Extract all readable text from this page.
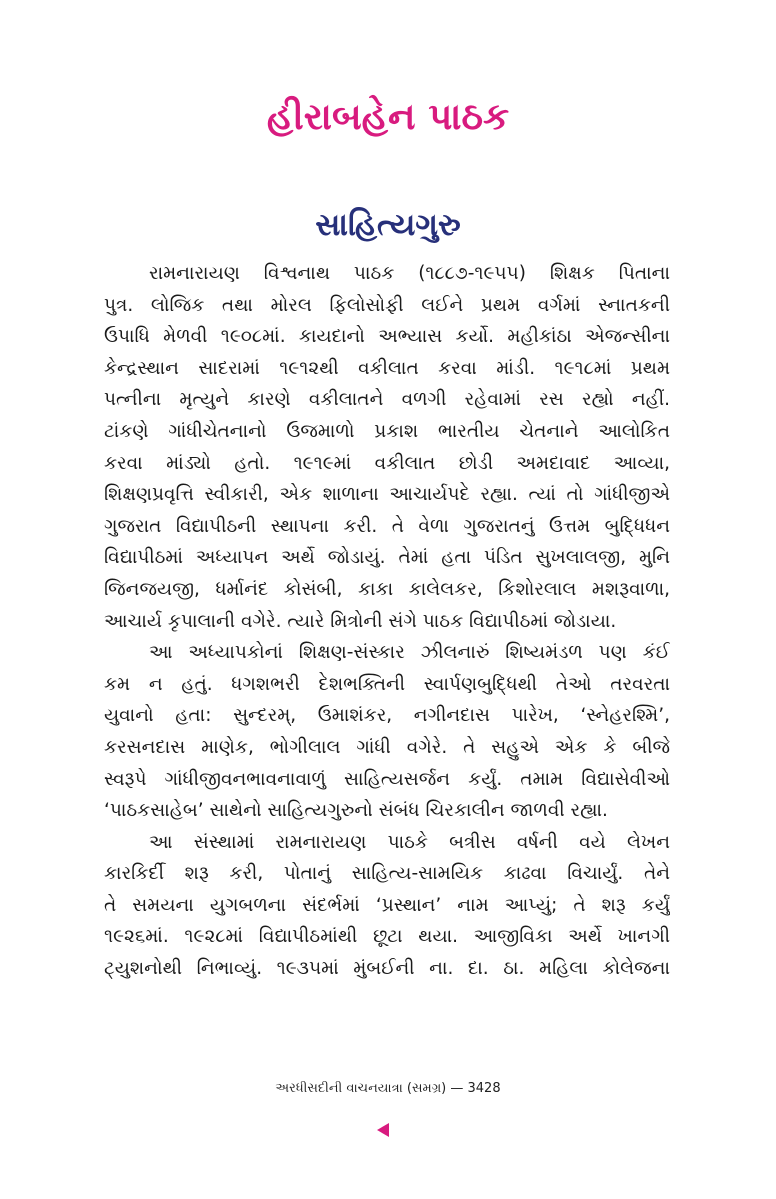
હીરાબહેન પાઠક
સાહિત્યગુરુ
રામનારાયણ વિશ્વનાથ પાઠક (૧૮૮૭-૧૯૫૫) શિક્ષક પિતાના
પુત્ર. લોજિક તથા મોરલ ફિલોસોફી લઈને પ્રથમ વર્ગમાં સ્નાતકની
ઉપાધિ મેળવી ૧૯૦૮માં. કાયદાનો અભ્યાસ કર્યો. મહીકાંઠા એજન્સીના
કેન્દ્રસ્થાન સાદરામાં ૧૯૧૨થી વકીલાત કરવા માંડી. ૧૯૧૮માં પ્રથમ
પત્નીના મૃત્યુને કારણે વકીલાતને વળગી રહેવામાં રસ રહ્યો નહીં.
ટાંકણે ગાંધીચેતનાનો ઉજમાળો પ્રકાશ ભારતીય ચેતનાને આલોકિત
કરવા માંડ્યો હતો. ૧૯૧૯માં વકીલાત છોડી અમદાવાદ આવ્યા,
શિક્ષણપ્રવૃત્તિ સ્વીકારી, એક શાળાના આચાર્યપદે રહ્યા. ત્યાં તો ગાંધીજીએ
ગુજરાત વિદ્યાપીઠની સ્થાપના કરી. તે વેળા ગુજરાતનું ઉત્તમ બુદ્ધિધન
વિદ્યાપીઠમાં અધ્યાપન અર્થે જોડાયું. તેમાં હતા પંડિત સુખલાલજી, મુનિ
જિનજયજી, ધર્માનંદ કોસંબી, કાકા કાલેલકર, કિશોરલાલ મશરૂવાળા,
આચાર્ય કૃપાલાની વગેરે. ત્યારે મિત્રોની સંગે પાઠક વિદ્યાપીઠમાં જોડાયા.
આ અધ્યાપકોનાં શિક્ષણ-સંસ્કાર ઝીલનારું શિષ્યમંડળ પણ કંઈ
કમ ન હતું. ધગશભરી દેશભક્તિની સ્વાર્પણબુદ્ધિથી તેઓ તરવરતા
યુવાનો હતા: સુન્દરમ્, ઉમાશંકર, નગીનદાસ પારેખ, ‘સ્નેહરશ્મિ’,
કરસનદાસ માણેક, ભોગીલાલ ગાંધી વગેરે. તે સહુએ એક કે બીજે
સ્વરૂપે ગાંધીજીવનભાવનાવાળું સાહિત્યસર્જન કર્યું. તમામ વિદ્યાસેવીઓ
‘પાઠકસાહેબ’ સાથેનો સાહિત્યગુરુનો સંબંધ ચિરકાલીન જાળવી રહ્યા.
આ સંસ્થામાં રામનારાયણ પાઠકે બત્રીસ વર્ષની વયે લેખન
કારકિર્દી શરૂ કરી, પોતાનું સાહિત્ય-સામયિક કાઢવા વિચાર્યું. તેને
તે સમયના યુગબળના સંદર્ભમાં ‘પ્રસ્થાન’ નામ આપ્યું; તે શરૂ કર્યું
૧૯૨૬માં. ૧૯૨૮માં વિદ્યાપીઠમાંથી છૂટા થયા. આજીવિકા અર્થે ખાનગી
ટ્યુશનોથી નિભાવ્યું. ૧૯૩૫માં મુંબઈની ના. દા. ઠા. મહિલા કોલેજના
અરધીસદીની વાચનયાત્રા (સમગ્ર) — 3428
